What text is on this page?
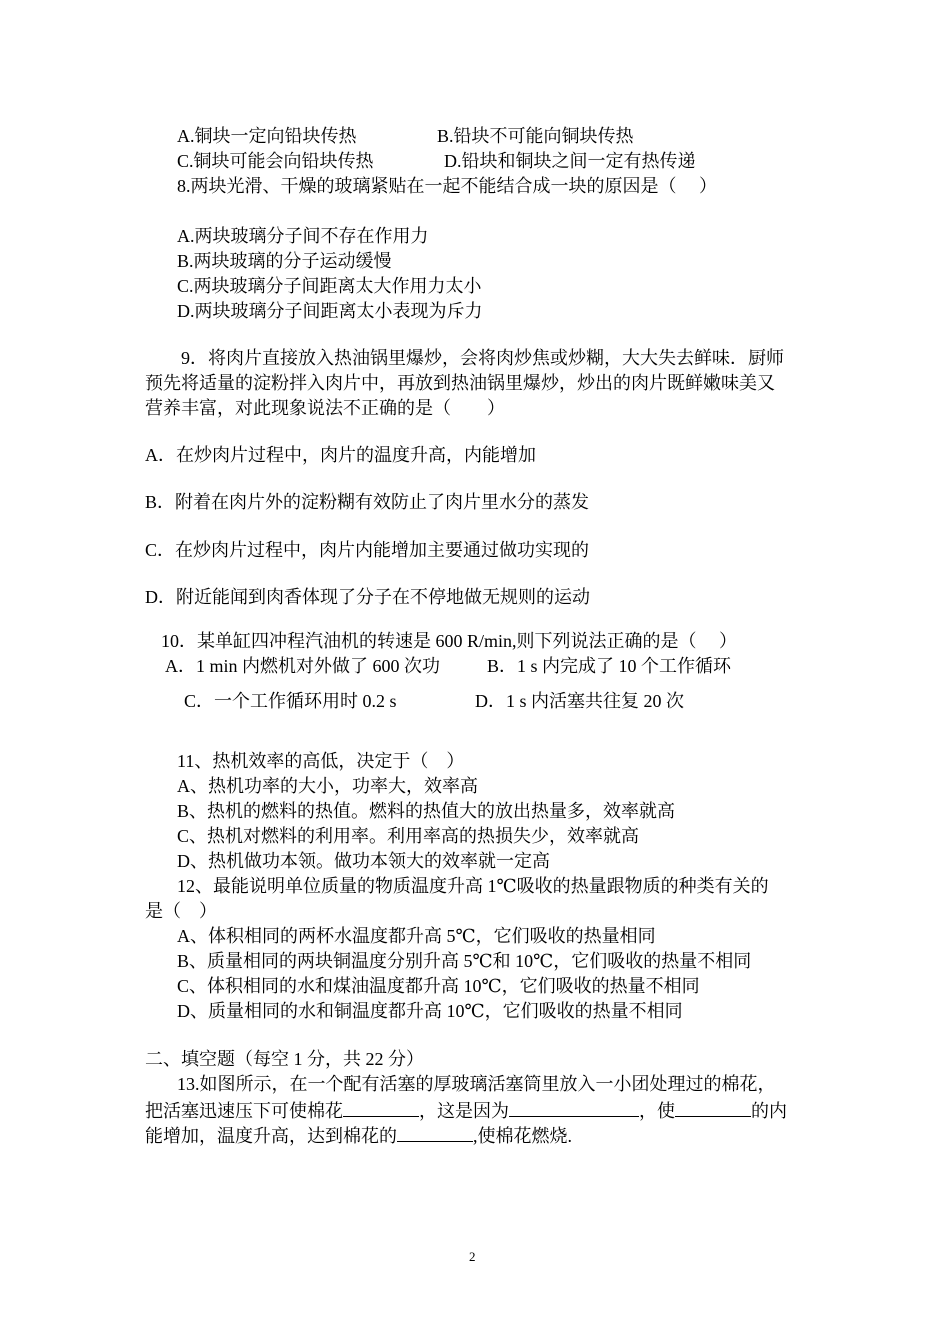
A.铜块一定向铅块传热	B.铅块不可能向铜块传热
C.铜块可能会向铅块传热	D.铅块和铜块之间一定有热传递
8.两块光滑、干燥的玻璃紧贴在一起不能结合成一块的原因是（     ）
A.两块玻璃分子间不存在作用力
B.两块玻璃的分子运动缓慢
C.两块玻璃分子间距离太大作用力太小
D.两块玻璃分子间距离太小表现为斥力
9．将肉片直接放入热油锅里爆炒，会将肉炒焦或炒糊，大大失去鲜味．厨师
预先将适量的淀粉拌入肉片中，再放到热油锅里爆炒，炒出的肉片既鲜嫩味美又
营养丰富，对此现象说法不正确的是（        ）
A．在炒肉片过程中，肉片的温度升高，内能增加
B．附着在肉片外的淀粉糊有效防止了肉片里水分的蒸发
C．在炒肉片过程中，肉片内能增加主要通过做功实现的
D．附近能闻到肉香体现了分子在不停地做无规则的运动
10．某单缸四冲程汽油机的转速是 600 R/min,则下列说法正确的是（     ）
A．1 min 内燃机对外做了 600 次功	B．1 s 内完成了 10 个工作循环
C．一个工作循环用时 0.2 s	D．1 s 内活塞共往复 20 次
11、热机效率的高低，决定于（    ）
A、热机功率的大小，功率大，效率高
B、热机的燃料的热值。燃料的热值大的放出热量多，效率就高
C、热机对燃料的利用率。利用率高的热损失少，效率就高
D、热机做功本领。做功本领大的效率就一定高
12、最能说明单位质量的物质温度升高 1℃吸收的热量跟物质的种类有关的
是（    ）
A、体积相同的两杯水温度都升高 5℃，它们吸收的热量相同
B、质量相同的两块铜温度分别升高 5℃和 10℃，它们吸收的热量不相同
C、体积相同的水和煤油温度都升高 10℃，它们吸收的热量不相同
D、质量相同的水和铜温度都升高 10℃，它们吸收的热量不相同
二、填空题（每空 1 分，共 22 分）
13.如图所示，在一个配有活塞的厚玻璃活塞筒里放入一小团处理过的棉花，
把活塞迅速压下可使棉花	，这是因为	，使	的内
能增加，温度升高，达到棉花的	,使棉花燃烧.
2
